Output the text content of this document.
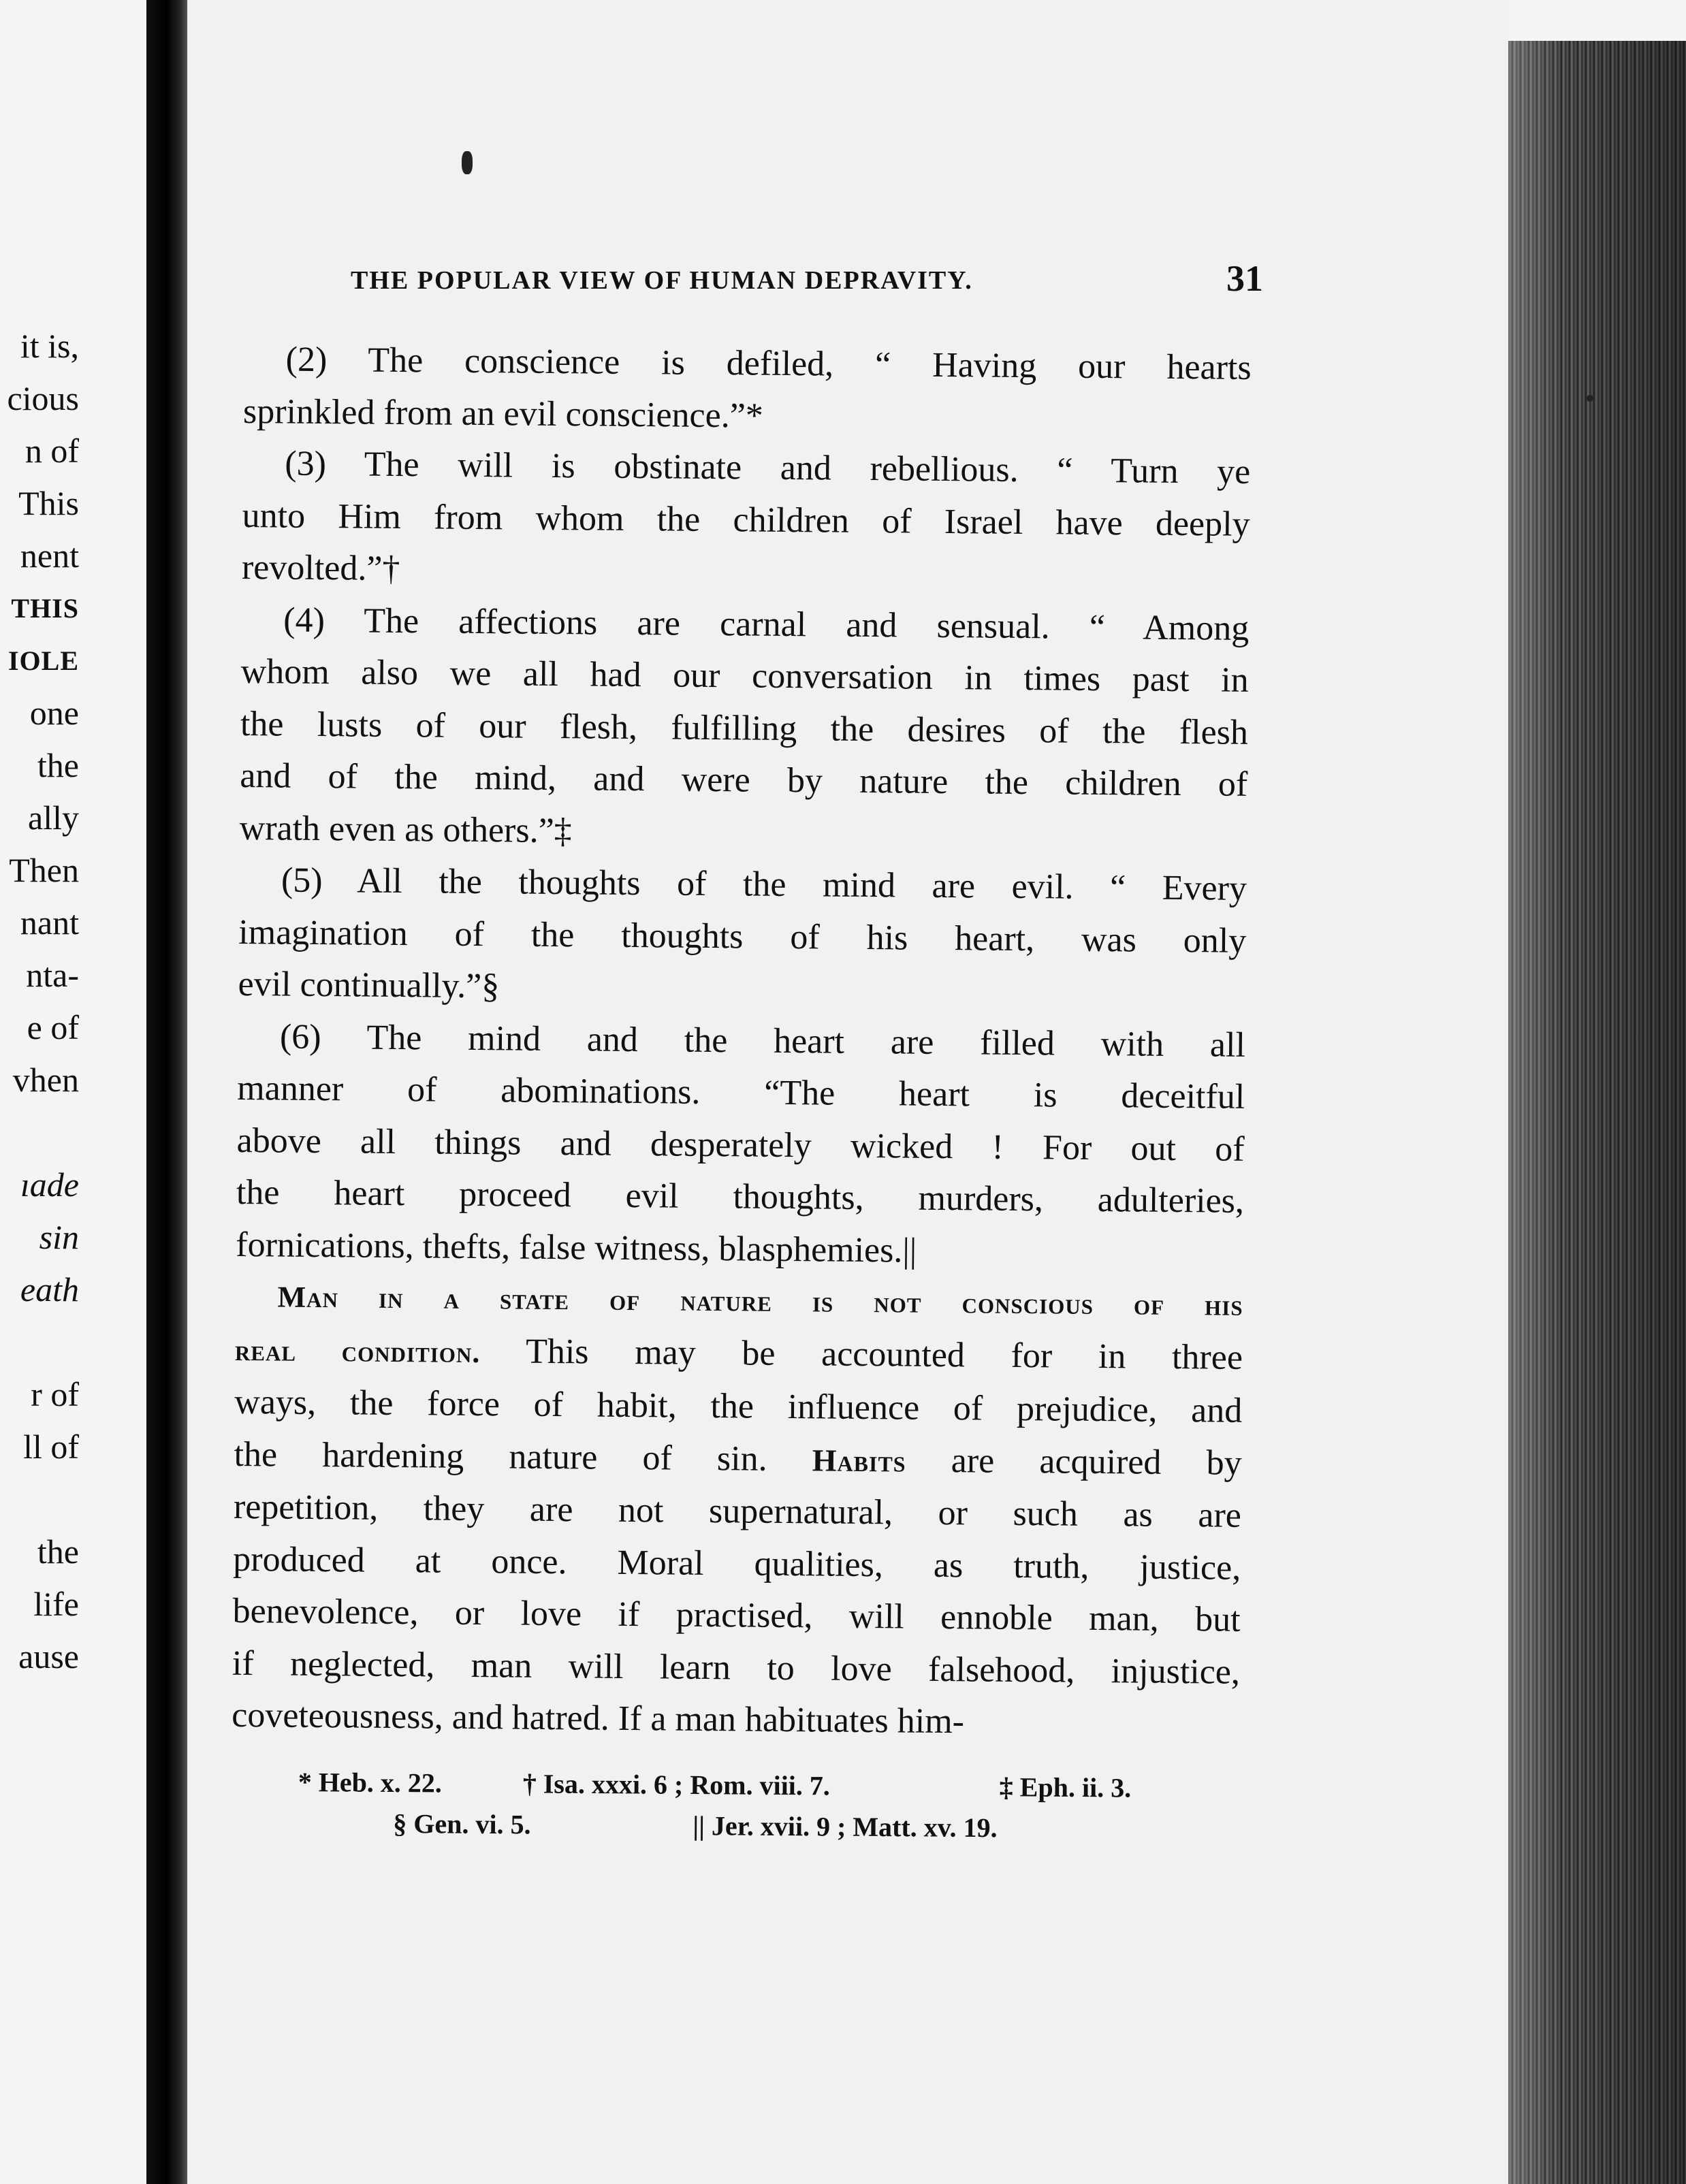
it is,
cious
n of
This
nent
THIS
IOLE
one
the
ally
Then
nant
nta-
e of
vhen
ıade
sin
eath
r of
ll of
the
life
ause
THE POPULAR VIEW OF HUMAN DEPRAVITY.	31
(2) The conscience is defiled, “ Having our hearts
sprinkled from an evil conscience.”*
(3) The will is obstinate and rebellious. “ Turn ye
unto Him from whom the children of Israel have deeply
revolted.”†
(4) The affections are carnal and sensual. “ Among
whom also we all had our conversation in times past in
the lusts of our flesh, fulfilling the desires of the flesh
and of the mind, and were by nature the children of
wrath even as others.”‡
(5) All the thoughts of the mind are evil. “ Every
imagination of the thoughts of his heart, was only
evil continually.”§
(6) The mind and the heart are filled with all
manner of abominations. “The heart is deceitful
above all things and desperately wicked ! For out of
the heart proceed evil thoughts, murders, adulteries,
fornications, thefts, false witness, blasphemies.||
Man in a state of nature is not conscious of his
real condition. This may be accounted for in three
ways, the force of habit, the influence of prejudice, and
the hardening nature of sin. Habits are acquired by
repetition, they are not supernatural, or such as are
produced at once. Moral qualities, as truth, justice,
benevolence, or love if practised, will ennoble man, but
if neglected, man will learn to love falsehood, injustice,
coveteousness, and hatred. If a man habituates him-
* Heb. x. 22.	† Isa. xxxi. 6 ; Rom. viii. 7.	‡ Eph. ii. 3.
§ Gen. vi. 5.	|| Jer. xvii. 9 ; Matt. xv. 19.
